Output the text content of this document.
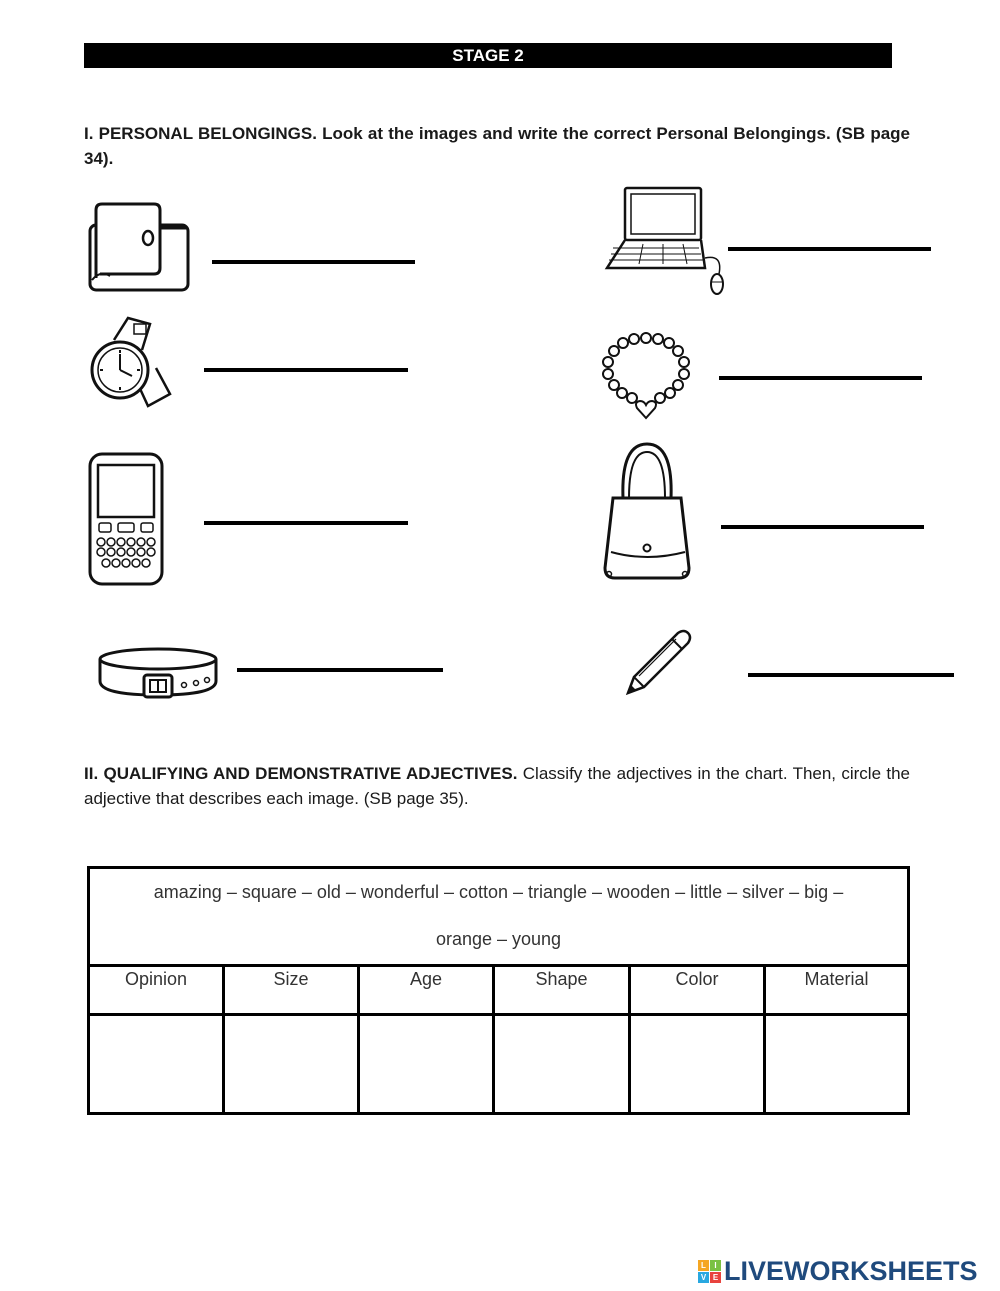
STAGE 2
I. PERSONAL BELONGINGS. Look at the images and write the correct Personal Belongings. (SB page 34).
II. QUALIFYING AND DEMONSTRATIVE ADJECTIVES. Classify the adjectives in the chart. Then, circle the adjective that describes each image. (SB page 35).
amazing – square – old – wonderful – cotton – triangle – wooden – little – silver – big –
orange – young
Opinion	Size	Age	Shape	Color	Material
L	I
V E LIVEWORKSHEETS
